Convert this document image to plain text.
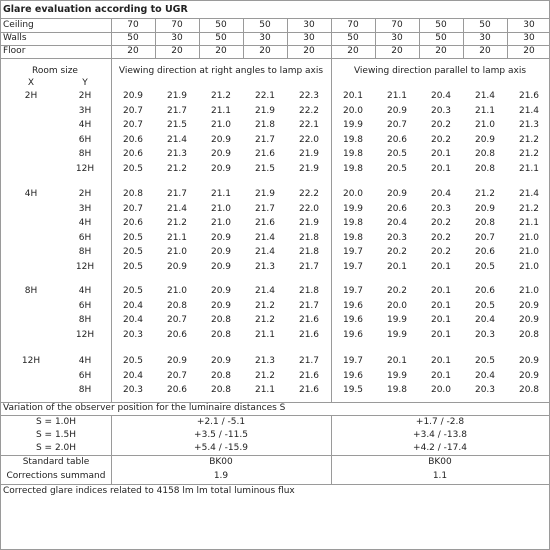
Glare evaluation according to UGR
Ceiling	70	70	50	50	30	70	70	50	50	30
Walls	50	30	50	30	30	50	30	50	30	30
Floor	20	20	20	20	20	20	20	20	20	20
Room size	Viewing direction at right angles to lamp axis	Viewing direction parallel to lamp axis
X	Y
2H	2H	20.9	21.9	21.2	22.1	22.3	20.1	21.1	20.4	21.4	21.6
3H	20.7	21.7	21.1	21.9	22.2	20.0	20.9	20.3	21.1	21.4
4H	20.7	21.5	21.0	21.8	22.1	19.9	20.7	20.2	21.0	21.3
6H	20.6	21.4	20.9	21.7	22.0	19.8	20.6	20.2	20.9	21.2
8H	20.6	21.3	20.9	21.6	21.9	19.8	20.5	20.1	20.8	21.2
12H	20.5	21.2	20.9	21.5	21.9	19.8	20.5	20.1	20.8	21.1
4H	2H	20.8	21.7	21.1	21.9	22.2	20.0	20.9	20.4	21.2	21.4
3H	20.7	21.4	21.0	21.7	22.0	19.9	20.6	20.3	20.9	21.2
4H	20.6	21.2	21.0	21.6	21.9	19.8	20.4	20.2	20.8	21.1
6H	20.5	21.1	20.9	21.4	21.8	19.8	20.3	20.2	20.7	21.0
8H	20.5	21.0	20.9	21.4	21.8	19.7	20.2	20.2	20.6	21.0
12H	20.5	20.9	20.9	21.3	21.7	19.7	20.1	20.1	20.5	21.0
8H	4H	20.5	21.0	20.9	21.4	21.8	19.7	20.2	20.1	20.6	21.0
6H	20.4	20.8	20.9	21.2	21.7	19.6	20.0	20.1	20.5	20.9
8H	20.4	20.7	20.8	21.2	21.6	19.6	19.9	20.1	20.4	20.9
12H	20.3	20.6	20.8	21.1	21.6	19.6	19.9	20.1	20.3	20.8
12H	4H	20.5	20.9	20.9	21.3	21.7	19.7	20.1	20.1	20.5	20.9
6H	20.4	20.7	20.8	21.2	21.6	19.6	19.9	20.1	20.4	20.9
8H	20.3	20.6	20.8	21.1	21.6	19.5	19.8	20.0	20.3	20.8
Variation of the observer position for the luminaire distances S
S = 1.0H	+2.1 / -5.1	+1.7 / -2.8
S = 1.5H	+3.5 / -11.5	+3.4 / -13.8
S = 2.0H	+5.4 / -15.9	+4.2 / -17.4
Standard table	BK00	BK00
Corrections summand	1.9	1.1
Corrected glare indices related to 4158 lm lm total luminous flux
